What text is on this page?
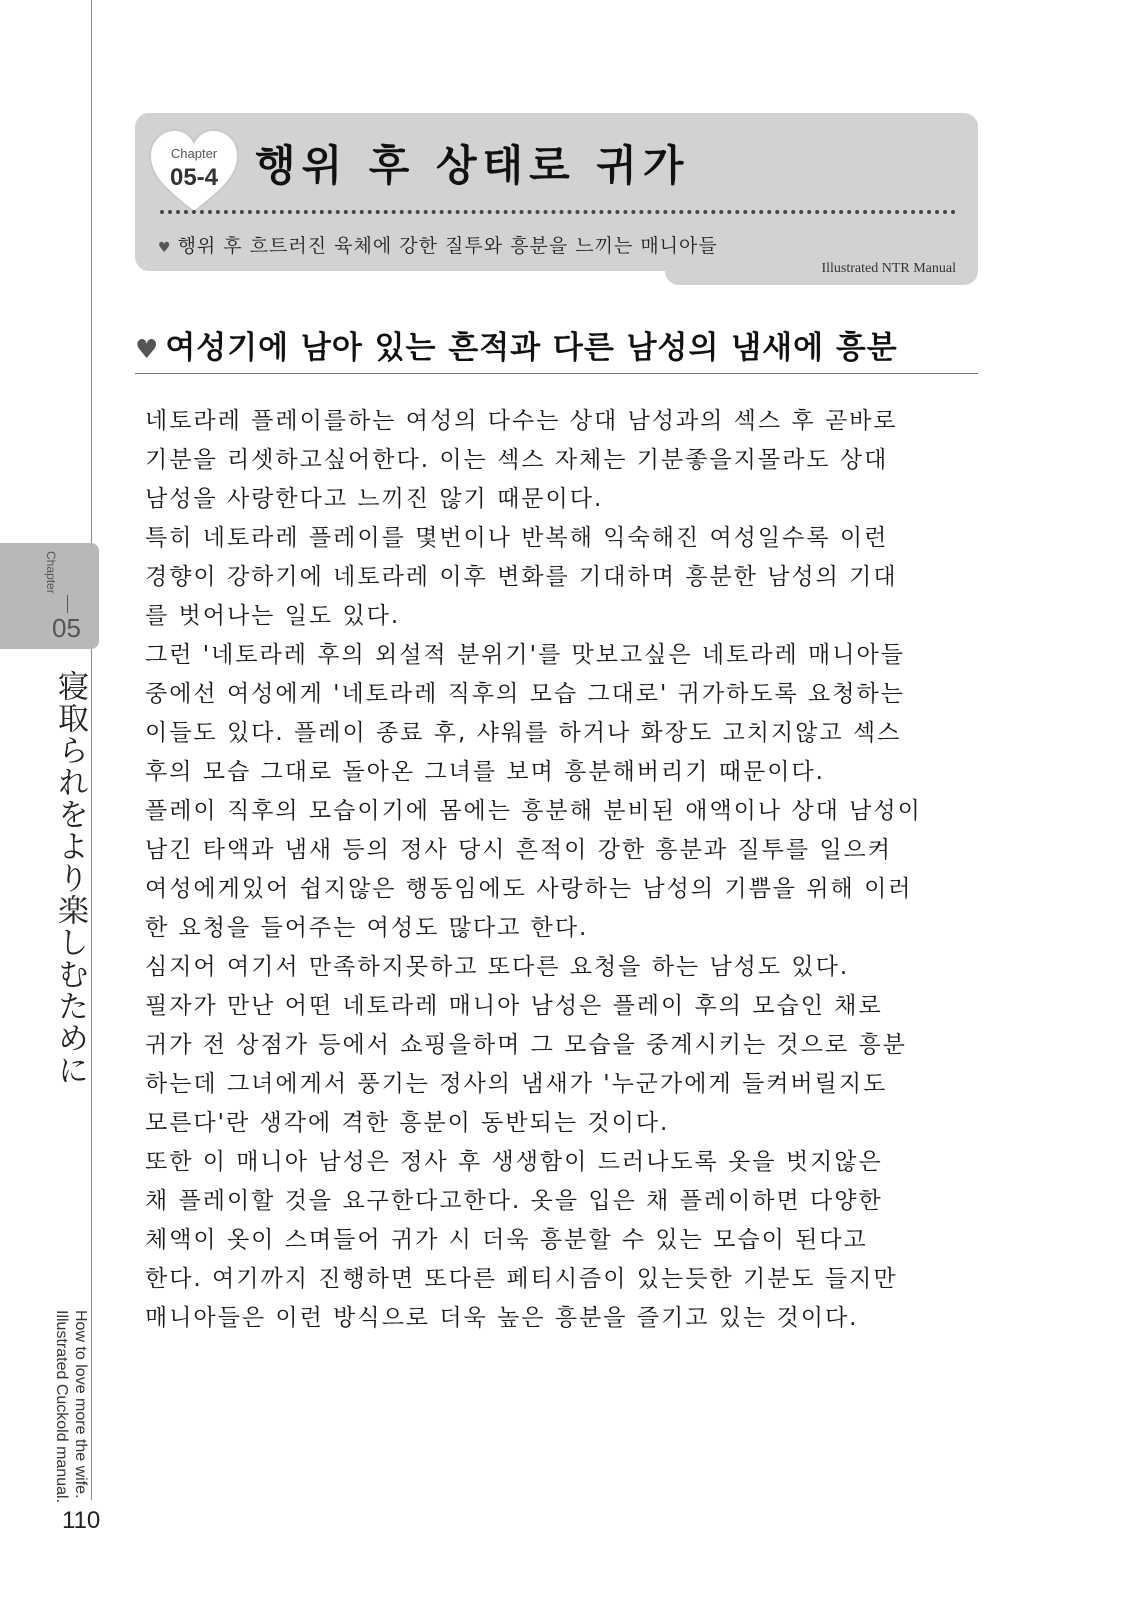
Chapter
05
寝取られをより楽しむために
How to love more the wife.
Illustrated Cuckold manual.
110
Chapter
05-4 행위 후 상태로 귀가
♥ 행위 후 흐트러진 육체에 강한 질투와 흥분을 느끼는 매니아들
Illustrated NTR Manual
♥ 여성기에 남아 있는 흔적과 다른 남성의 냄새에 흥분

네토라레 플레이를하는 여성의 다수는 상대 남성과의 섹스 후 곧바로

기분을 리셋하고싶어한다. 이는 섹스 자체는 기분좋을지몰라도 상대

남성을 사랑한다고 느끼진 않기 때문이다.

특히 네토라레 플레이를 몇번이나 반복해 익숙해진 여성일수록 이런

경향이 강하기에 네토라레 이후 변화를 기대하며 흥분한 남성의 기대

를 벗어나는 일도 있다.

그런 '네토라레 후의 외설적 분위기'를 맛보고싶은 네토라레 매니아들

중에선 여성에게 '네토라레 직후의 모습 그대로' 귀가하도록 요청하는

이들도 있다. 플레이 종료 후, 샤워를 하거나 화장도 고치지않고 섹스

후의 모습 그대로 돌아온 그녀를 보며 흥분해버리기 때문이다.

플레이 직후의 모습이기에 몸에는 흥분해 분비된 애액이나 상대 남성이

남긴 타액과 냄새 등의 정사 당시 흔적이 강한 흥분과 질투를 일으켜

여성에게있어 쉽지않은 행동임에도 사랑하는 남성의 기쁨을 위해 이러

한 요청을 들어주는 여성도 많다고 한다.

심지어 여기서 만족하지못하고 또다른 요청을 하는 남성도 있다.

필자가 만난 어떤 네토라레 매니아 남성은 플레이 후의 모습인 채로

귀가 전 상점가 등에서 쇼핑을하며 그 모습을 중계시키는 것으로 흥분

하는데 그녀에게서 풍기는 정사의 냄새가 '누군가에게 들켜버릴지도

모른다'란 생각에 격한 흥분이 동반되는 것이다.

또한 이 매니아 남성은 정사 후 생생함이 드러나도록 옷을 벗지않은

채 플레이할 것을 요구한다고한다. 옷을 입은 채 플레이하면 다양한

체액이 옷이 스며들어 귀가 시 더욱 흥분할 수 있는 모습이 된다고

한다. 여기까지 진행하면 또다른 페티시즘이 있는듯한 기분도 들지만

매니아들은 이런 방식으로 더욱 높은 흥분을 즐기고 있는 것이다.
